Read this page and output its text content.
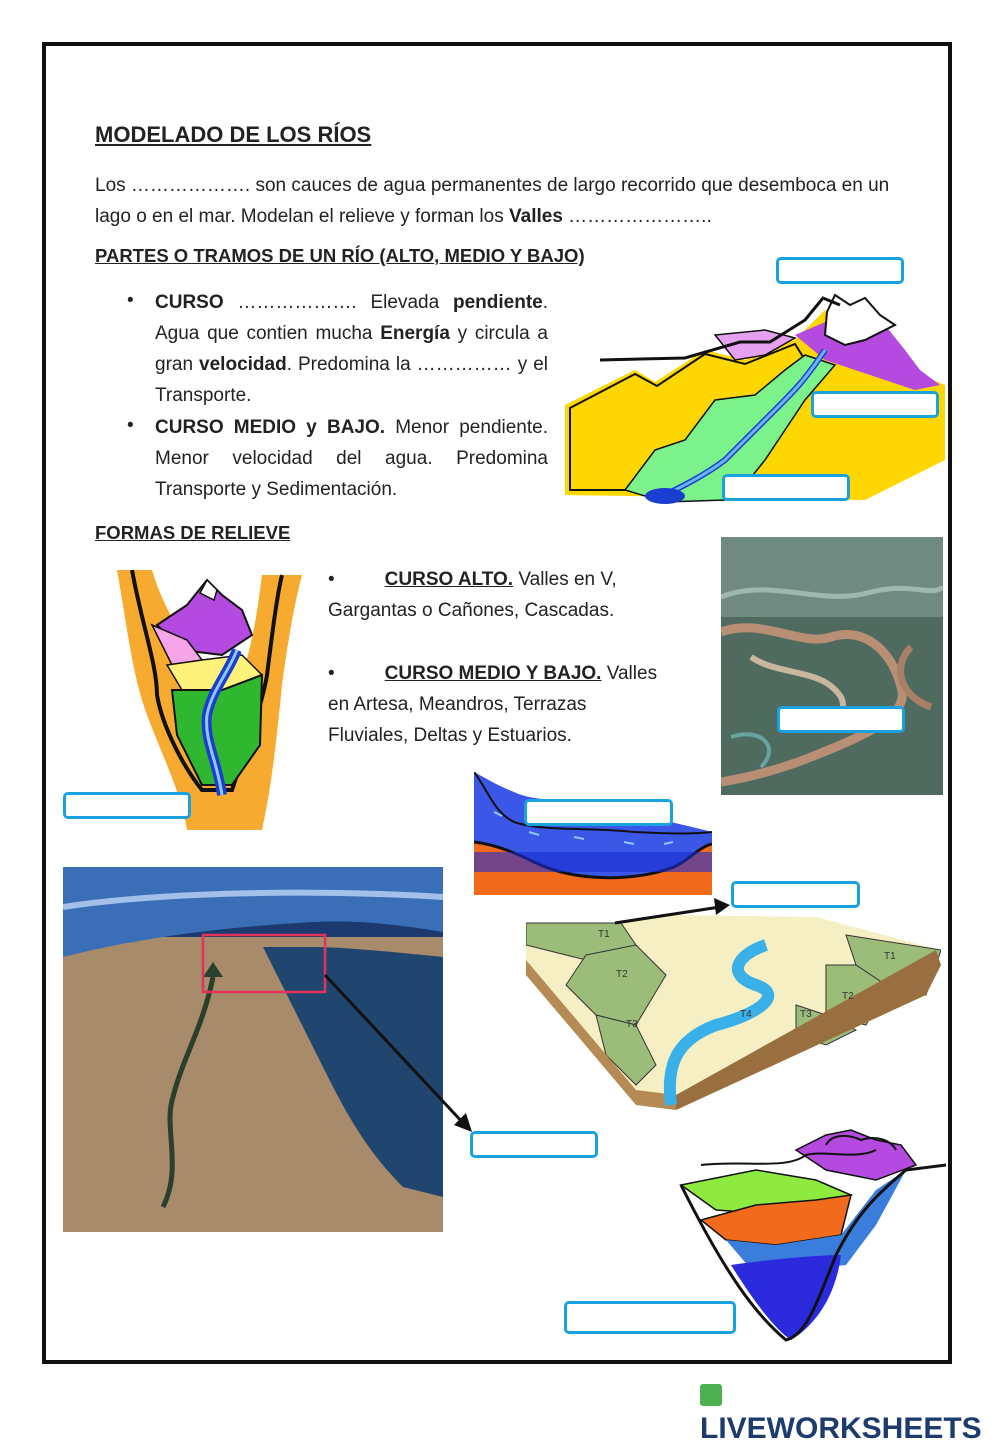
MODELADO DE LOS RÍOS
Los ………………. son cauces de agua permanentes de largo recorrido que desemboca en un lago o en el mar. Modelan el relieve y forman los Valles …………………..
PARTES O TRAMOS DE UN RÍO (ALTO, MEDIO Y BAJO)
• CURSO ………………. Elevada pendiente. Agua que contien mucha Energía y circula a gran velocidad. Predomina la …………… y el Transporte.
• CURSO MEDIO y BAJO. Menor pendiente. Menor velocidad del agua. Predomina Transporte y Sedimentación.
FORMAS DE RELIEVE
•	CURSO ALTO. Valles en V,
Gargantas o Cañones, Cascadas.
•	CURSO MEDIO Y BAJO. Valles
en Artesa, Meandros, Terrazas
Fluviales, Deltas y Estuarios.
T1
T2
T3
T4	T3
T2
T1
LIVEWORKSHEETS
